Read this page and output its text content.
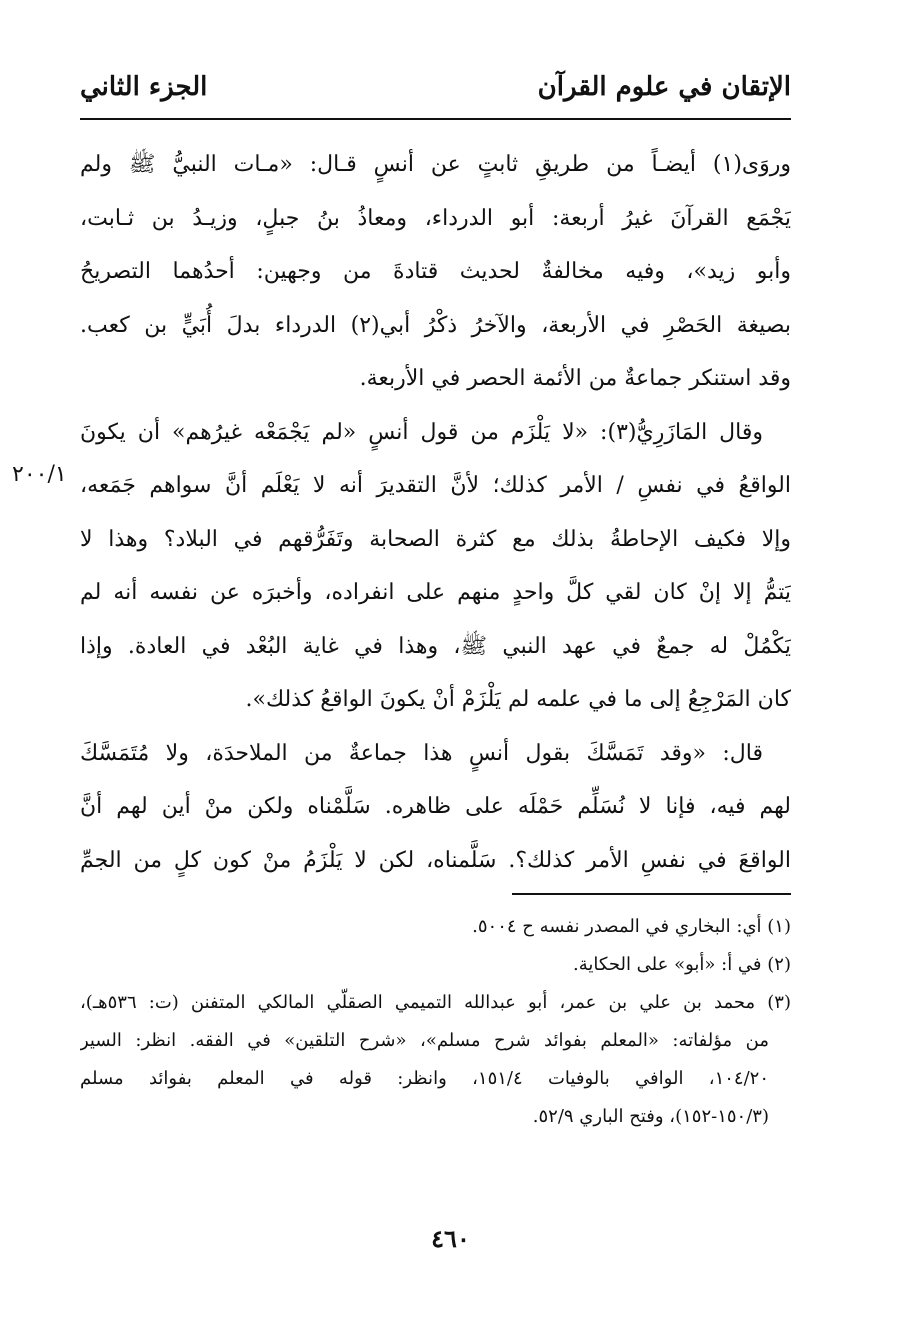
الإتقان في علوم القرآن
الجزء الثاني
٢٠٠/١
وروَى(١) أيضـاً من طريقِ ثابتٍ عن أنسٍ قـال: «مـات النبيُّ ﷺ ولم
يَجْمَع القرآنَ غيرُ أربعة: أبو الدرداء، ومعاذُ بنُ جبلٍ، وزيـدُ بن ثـابت،
وأبو زيد»، وفيه مخالفةٌ لحديث قتادةَ من وجهين: أحدُهما التصريحُ
بصيغة الحَصْرِ في الأربعة، والآخرُ ذكْرُ أبي(٢) الدرداء بدلَ أُبَيٍّ بن كعب.
وقد استنكر جماعةٌ من الأئمة الحصر في الأربعة.
وقال المَازَرِيُّ(٣): «لا يَلْزَم من قول أنسٍ «لم يَجْمَعْه غيرُهم» أن يكونَ
الواقعُ في نفسِ / الأمر كذلك؛ لأنَّ التقديرَ أنه لا يَعْلَم أنَّ سواهم جَمَعه،
وإلا فكيف الإحاطةُ بذلك مع كثرة الصحابة وتَفَرُّقهم في البلاد؟ وهذا لا
يَتمُّ إلا إنْ كان لقي كلَّ واحدٍ منهم على انفراده، وأخبرَه عن نفسه أنه لم
يَكْمُلْ له جمعٌ في عهد النبي ﷺ، وهذا في غاية البُعْد في العادة. وإذا
كان المَرْجِعُ إلى ما في علمه لم يَلْزَمْ أنْ يكونَ الواقعُ كذلك».
قال: «وقد تَمَسَّكَ بقول أنسٍ هذا جماعةٌ من الملاحدَة، ولا مُتَمَسَّكَ
لهم فيه، فإنا لا نُسَلِّم حَمْلَه على ظاهره. سَلَّمْناه ولكن منْ أين لهم أنَّ
الواقعَ في نفسِ الأمر كذلك؟. سَلَّمناه، لكن لا يَلْزَمُ منْ كون كلٍ من الجمِّ
(١) أي: البخاري في المصدر نفسه ح ٥٠٠٤.
(٢) في أ: «أبو» على الحكاية.
(٣) محمد بن علي بن عمر، أبو عبدالله التميمي الصقلّي المالكي المتفنن (ت: ٥٣٦هـ)،
من مؤلفاته: «المعلم بفوائد شرح مسلم»، «شرح التلقين» في الفقه. انظر: السير
١٠٤/٢٠، الوافي بالوفيات ١٥١/٤، وانظر: قوله في المعلم بفوائد مسلم
(١٥٠/٣-١٥٢)، وفتح الباري ٥٢/٩.
٤٦٠
